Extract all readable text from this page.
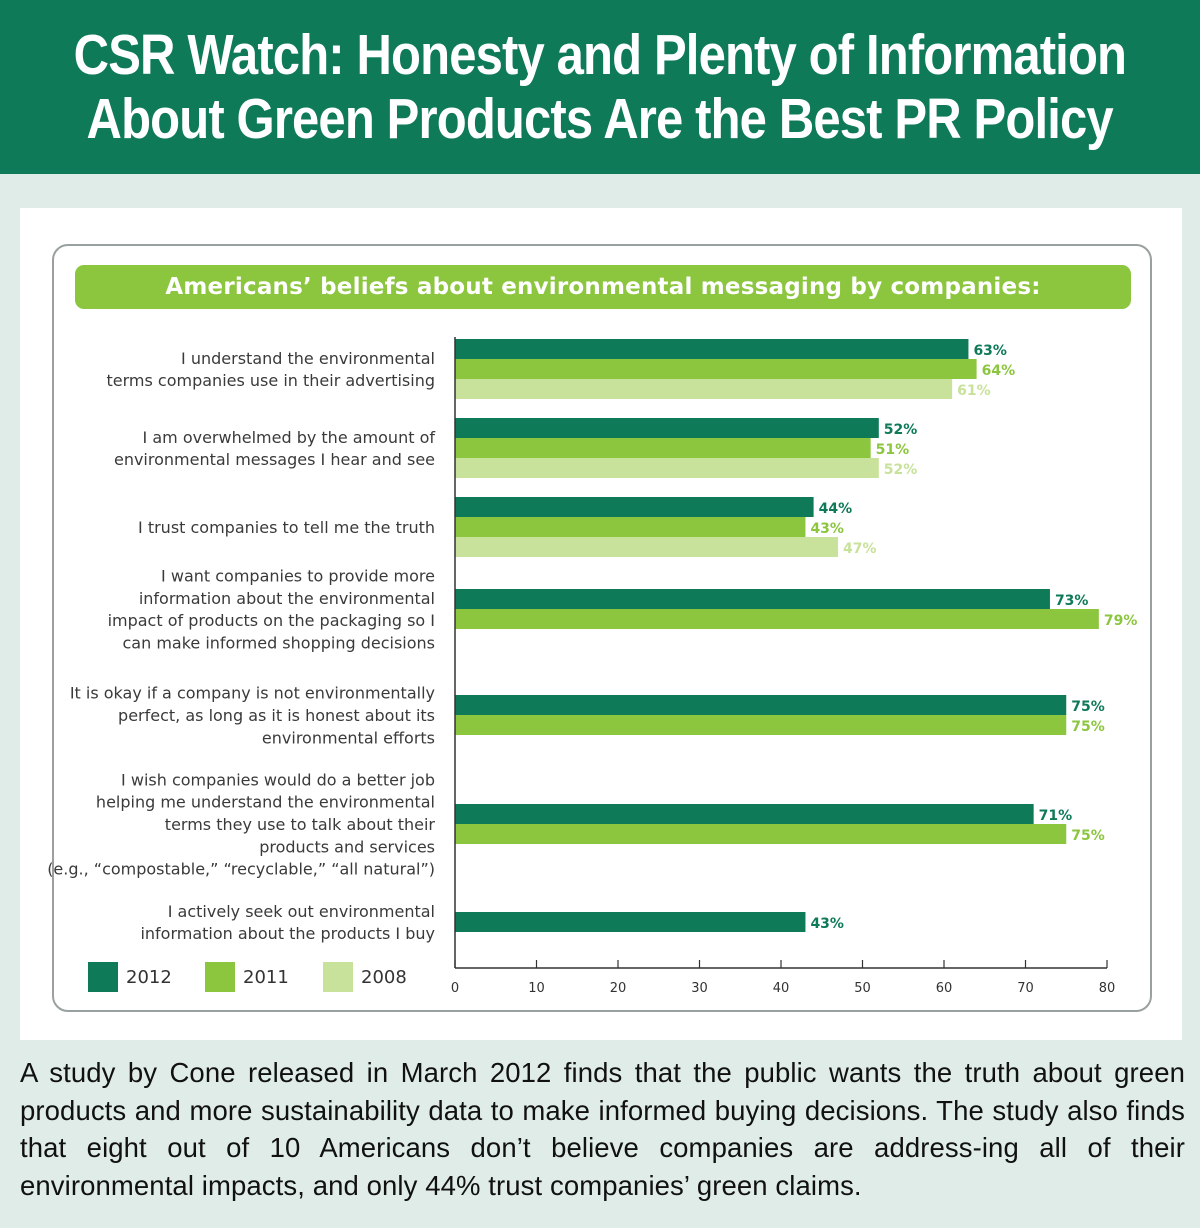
CSR Watch: Honesty and Plenty of Information
About Green Products Are the Best PR Policy
Americans’ beliefs about environmental messaging by companies:
63%
64%
61%
I understand the environmental
terms companies use in their advertising
52%
51%
52%
I am overwhelmed by the amount of
environmental messages I hear and see
44%
43%
47%
I trust companies to tell me the truth
73%
79%
I want companies to provide more
information about the environmental
impact of products on the packaging so I
can make informed shopping decisions
75%
75%
It is okay if a company is not environmentally
perfect, as long as it is honest about its
environmental efforts
71%
75%
I wish companies would do a better job
helping me understand the environmental
terms they use to talk about their
products and services
(e.g., “compostable,” “recyclable,” “all natural”)
43%
I actively seek out environmental
information about the products I buy
0	10	20	30	40	50	60	70	80
2012	2011	2008
A study by Cone released in March 2012 finds that the public wants the truth about green products and more sustainability data to make informed buying decisions. The study also finds that eight out of 10 Americans don’t believe companies are address-ing all of their environmental impacts, and only 44% trust companies’ green claims.
